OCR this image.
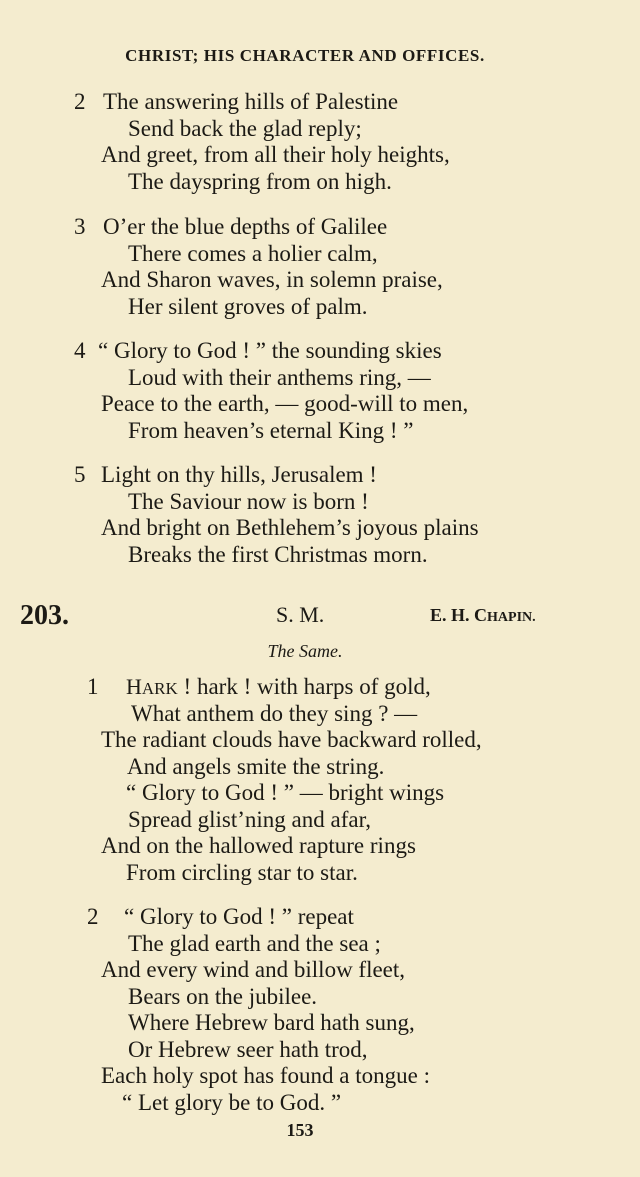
CHRIST; HIS CHARACTER AND OFFICES.
2 The answering hills of Palestine
Send back the glad reply;
And greet, from all their holy heights,
The dayspring from on high.
3 O’er the blue depths of Galilee
There comes a holier calm,
And Sharon waves, in solemn praise,
Her silent groves of palm.
4 “ Glory to God ! ” the sounding skies
Loud with their anthems ring, —
Peace to the earth, — good-will to men,
From heaven’s eternal King ! ”
5 Light on thy hills, Jerusalem !
The Saviour now is born !
And bright on Bethlehem’s joyous plains
Breaks the first Christmas morn.
203.	S. M.	E. H. CHAPIN.
The Same.
1 HARK ! hark ! with harps of gold,
What anthem do they sing ? —
The radiant clouds have backward rolled,
And angels smite the string.
“ Glory to God ! ” — bright wings
Spread glist’ning and afar,
And on the hallowed rapture rings
From circling star to star.
2 “ Glory to God ! ” repeat
The glad earth and the sea ;
And every wind and billow fleet,
Bears on the jubilee.
Where Hebrew bard hath sung,
Or Hebrew seer hath trod,
Each holy spot has found a tongue :
“ Let glory be to God. ”
153
